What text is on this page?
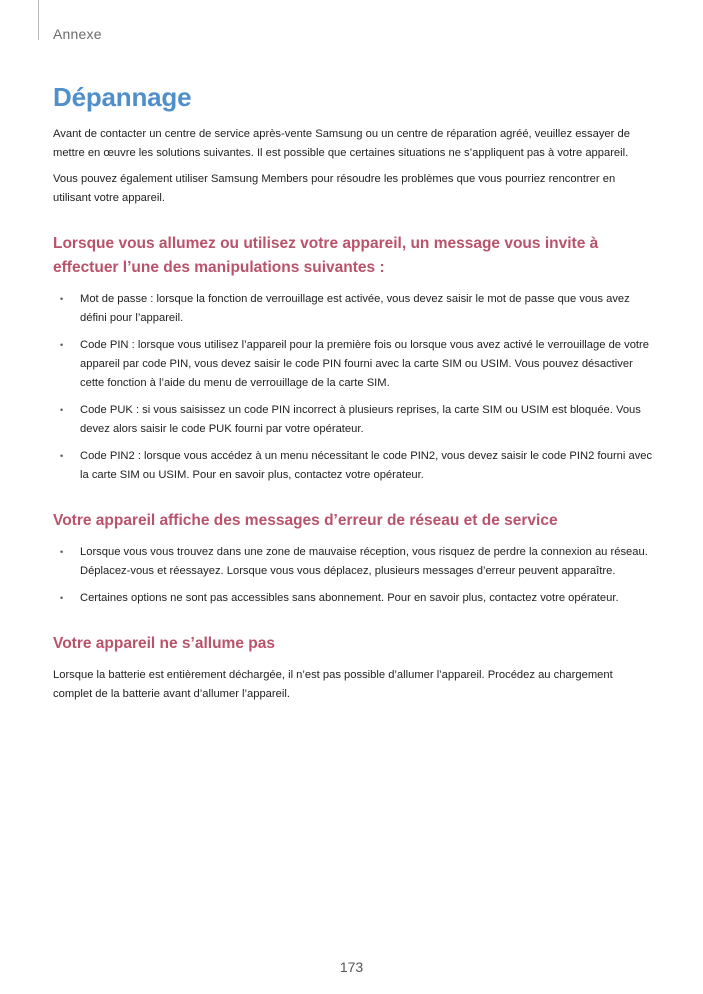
Annexe
Dépannage

Avant de contacter un centre de service après-vente Samsung ou un centre de réparation agréé, veuillez essayer de mettre en œuvre les solutions suivantes. Il est possible que certaines situations ne s’appliquent pas à votre appareil.

Vous pouvez également utiliser Samsung Members pour résoudre les problèmes que vous pourriez rencontrer en utilisant votre appareil.

Lorsque vous allumez ou utilisez votre appareil, un message vous invite à effectuer l’une des manipulations suivantes :
• Mot de passe : lorsque la fonction de verrouillage est activée, vous devez saisir le mot de passe que vous avez défini pour l’appareil.
• Code PIN : lorsque vous utilisez l’appareil pour la première fois ou lorsque vous avez activé le verrouillage de votre appareil par code PIN, vous devez saisir le code PIN fourni avec la carte SIM ou USIM. Vous pouvez désactiver cette fonction à l’aide du menu de verrouillage de la carte SIM.
• Code PUK : si vous saisissez un code PIN incorrect à plusieurs reprises, la carte SIM ou USIM est bloquée. Vous devez alors saisir le code PUK fourni par votre opérateur.
• Code PIN2 : lorsque vous accédez à un menu nécessitant le code PIN2, vous devez saisir le code PIN2 fourni avec la carte SIM ou USIM. Pour en savoir plus, contactez votre opérateur.
Votre appareil affiche des messages d’erreur de réseau et de service
• Lorsque vous vous trouvez dans une zone de mauvaise réception, vous risquez de perdre la connexion au réseau. Déplacez-vous et réessayez. Lorsque vous vous déplacez, plusieurs messages d’erreur peuvent apparaître.
• Certaines options ne sont pas accessibles sans abonnement. Pour en savoir plus, contactez votre opérateur.
Votre appareil ne s’allume pas

Lorsque la batterie est entièrement déchargée, il n’est pas possible d’allumer l’appareil. Procédez au chargement complet de la batterie avant d’allumer l’appareil.

173
